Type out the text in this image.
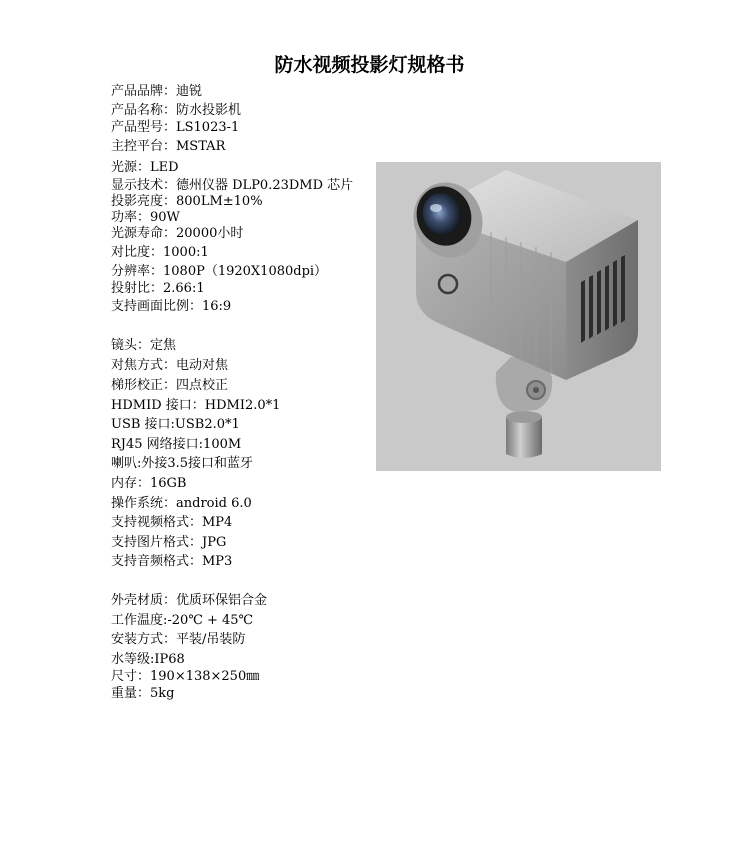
防水视频投影灯规格书
产品品牌：迪锐
产品名称：防水投影机
产品型号：LS1023-1
主控平台：MSTAR
光源：LED
显示技术：德州仪器 DLP0.23DMD 芯片
投影亮度：800LM±10%
功率：90W
光源寿命：20000小时
对比度：1000:1
分辨率：1080P（1920X1080dpi）
投射比：2.66:1
支持画面比例：16:9
镜头：定焦
对焦方式：电动对焦
梯形校正：四点校正
HDMID 接口：HDMI2.0*1
USB 接口:USB2.0*1
RJ45 网络接口:100M
喇叭:外接3.5接口和蓝牙
内存：16GB
操作系统：android 6.0
支持视频格式：MP4
支持图片格式：JPG
支持音频格式：MP3
外壳材质：优质环保铝合金
工作温度:-20℃ + 45℃
安装方式：平装/吊装防
水等级:IP68
尺寸：190×138×250㎜
重量：5kg
